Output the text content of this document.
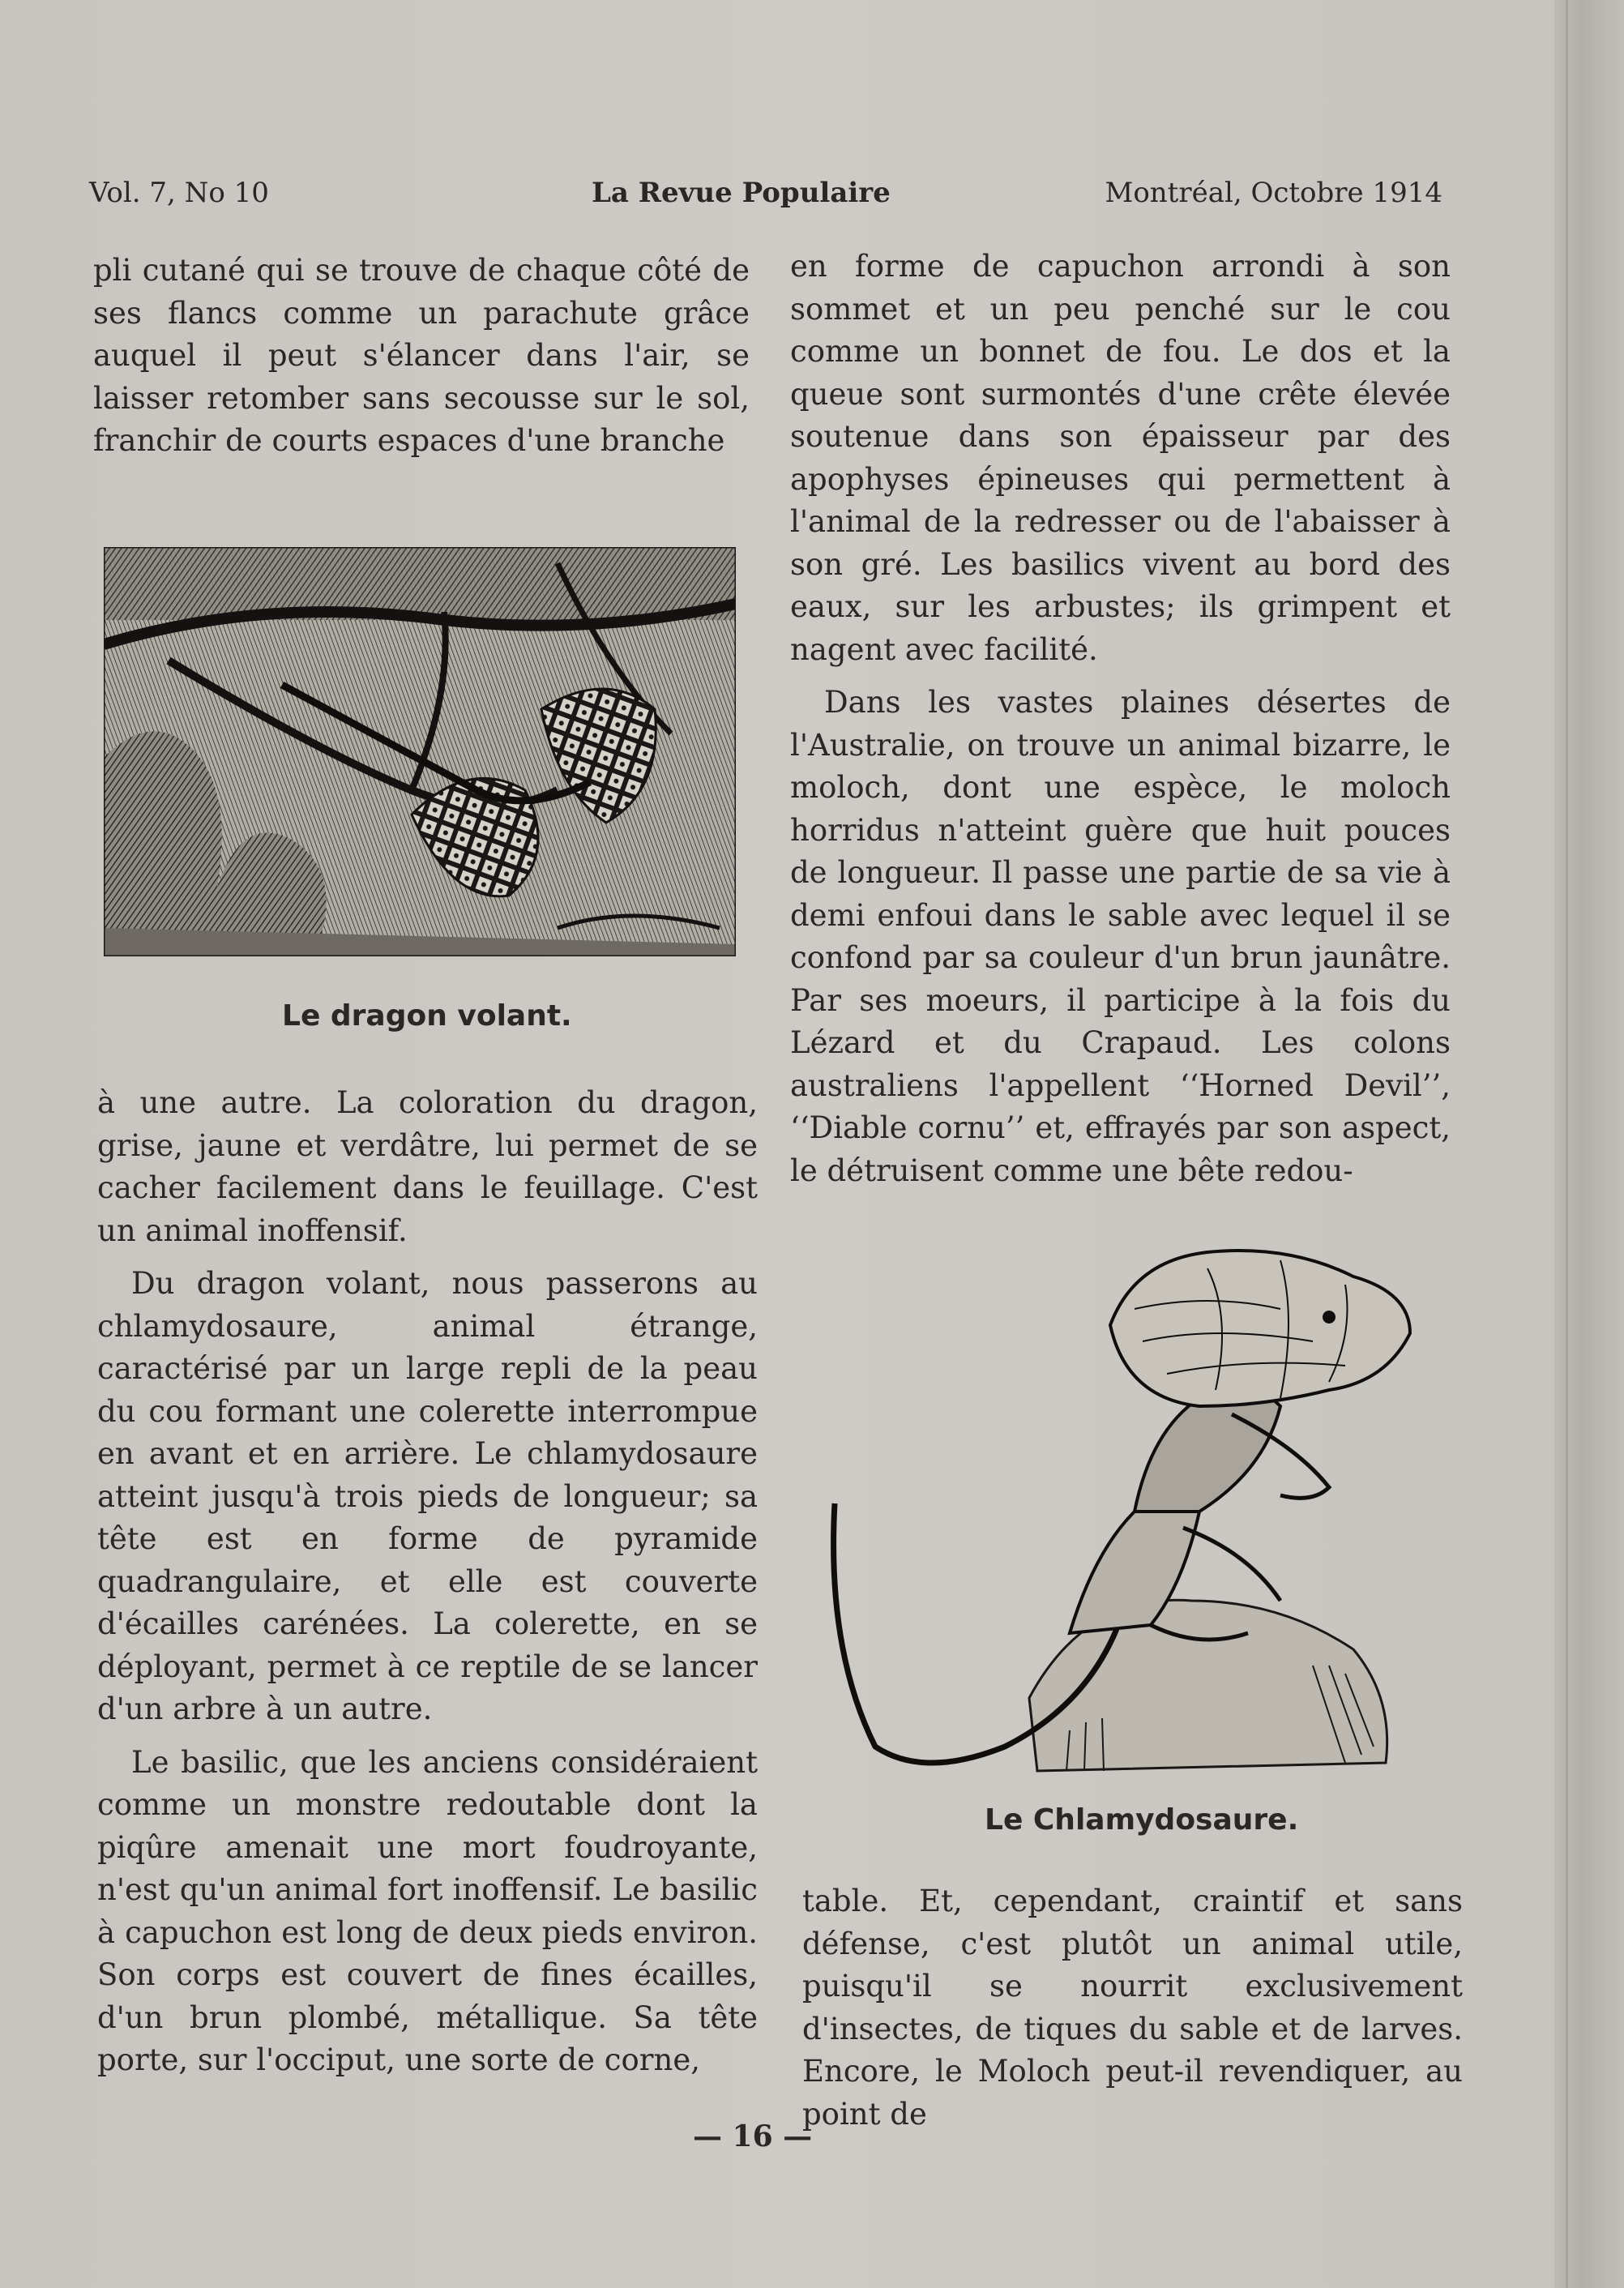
Vol. 7, No 10	La Revue Populaire	Montréal, Octobre 1914

pli cutané qui se trouve de chaque côté de ses flancs comme un parachute grâce auquel il peut s'élancer dans l'air, se laisser retomber sans secousse sur le sol, franchir de courts espaces d'une branche

Le dragon volant.

à une autre. La coloration du dragon, grise, jaune et verdâtre, lui permet de se cacher facilement dans le feuillage. C'est un animal inoffensif.

Du dragon volant, nous passerons au chlamydosaure, animal étrange, caractérisé par un large repli de la peau du cou formant une colerette interrompue en avant et en arrière. Le chlamydosaure atteint jusqu'à trois pieds de longueur; sa tête est en forme de pyramide quadrangulaire, et elle est couverte d'écailles carénées. La colerette, en se déployant, permet à ce reptile de se lancer d'un arbre à un autre.

Le basilic, que les anciens considéraient comme un monstre redoutable dont la piqûre amenait une mort foudroyante, n'est qu'un animal fort inoffensif. Le basilic à capuchon est long de deux pieds environ. Son corps est couvert de fines écailles, d'un brun plombé, métallique. Sa tête porte, sur l'occiput, une sorte de corne,

en forme de capuchon arrondi à son sommet et un peu penché sur le cou comme un bonnet de fou. Le dos et la queue sont surmontés d'une crête élevée soutenue dans son épaisseur par des apophyses épineuses qui permettent à l'animal de la redresser ou de l'abaisser à son gré. Les basilics vivent au bord des eaux, sur les arbustes; ils grimpent et nagent avec facilité.

Dans les vastes plaines désertes de l'Australie, on trouve un animal bizarre, le moloch, dont une espèce, le moloch horridus n'atteint guère que huit pouces de longueur. Il passe une partie de sa vie à demi enfoui dans le sable avec lequel il se confond par sa couleur d'un brun jaunâtre. Par ses moeurs, il participe à la fois du Lézard et du Crapaud. Les colons australiens l'appellent ‘‘Horned Devil’’, ‘‘Diable cornu’’ et, effrayés par son aspect, le détruisent comme une bête redou-

Le Chlamydosaure.

table. Et, cependant, craintif et sans défense, c'est plutôt un animal utile, puisqu'il se nourrit exclusivement d'insectes, de tiques du sable et de larves. Encore, le Moloch peut-il revendiquer, au point de

— 16 —
